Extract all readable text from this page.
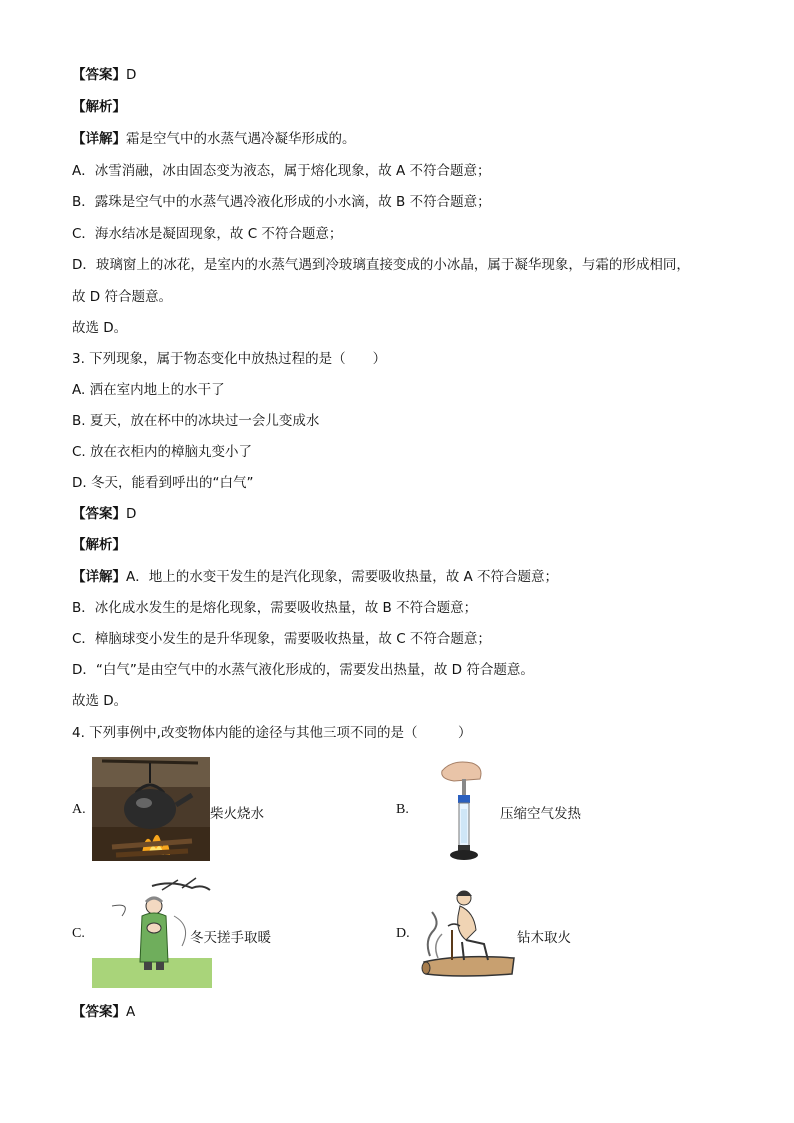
【答案】D
【解析】
【详解】霜是空气中的水蒸气遇冷凝华形成的。
A．冰雪消融，冰由固态变为液态，属于熔化现象，故 A 不符合题意；
B．露珠是空气中的水蒸气遇冷液化形成的小水滴，故 B 不符合题意；
C．海水结冰是凝固现象，故 C 不符合题意；
D．玻璃窗上的冰花，是室内的水蒸气遇到冷玻璃直接变成的小冰晶，属于凝华现象，与霜的形成相同，
故 D 符合题意。
故选 D。
3. 下列现象，属于物态变化中放热过程的是（　　）
A. 洒在室内地上的水干了
B. 夏天，放在杯中的冰块过一会儿变成水
C. 放在衣柜内的樟脑丸变小了
D. 冬天，能看到呼出的“白气”
【答案】D
【解析】
【详解】A．地上的水变干发生的是汽化现象，需要吸收热量，故 A 不符合题意；
B．冰化成水发生的是熔化现象，需要吸收热量，故 B 不符合题意；
C．樟脑球变小发生的是升华现象，需要吸收热量，故 C 不符合题意；
D．“白气”是由空气中的水蒸气液化形成的，需要发出热量，故 D 符合题意。
故选 D。
4. 下列事例中,改变物体内能的途径与其他三项不同的是（　　　）
A.	柴火烧水	B.	压缩空气发热
C.	冬天搓手取暖	D.	钻木取火
【答案】A
